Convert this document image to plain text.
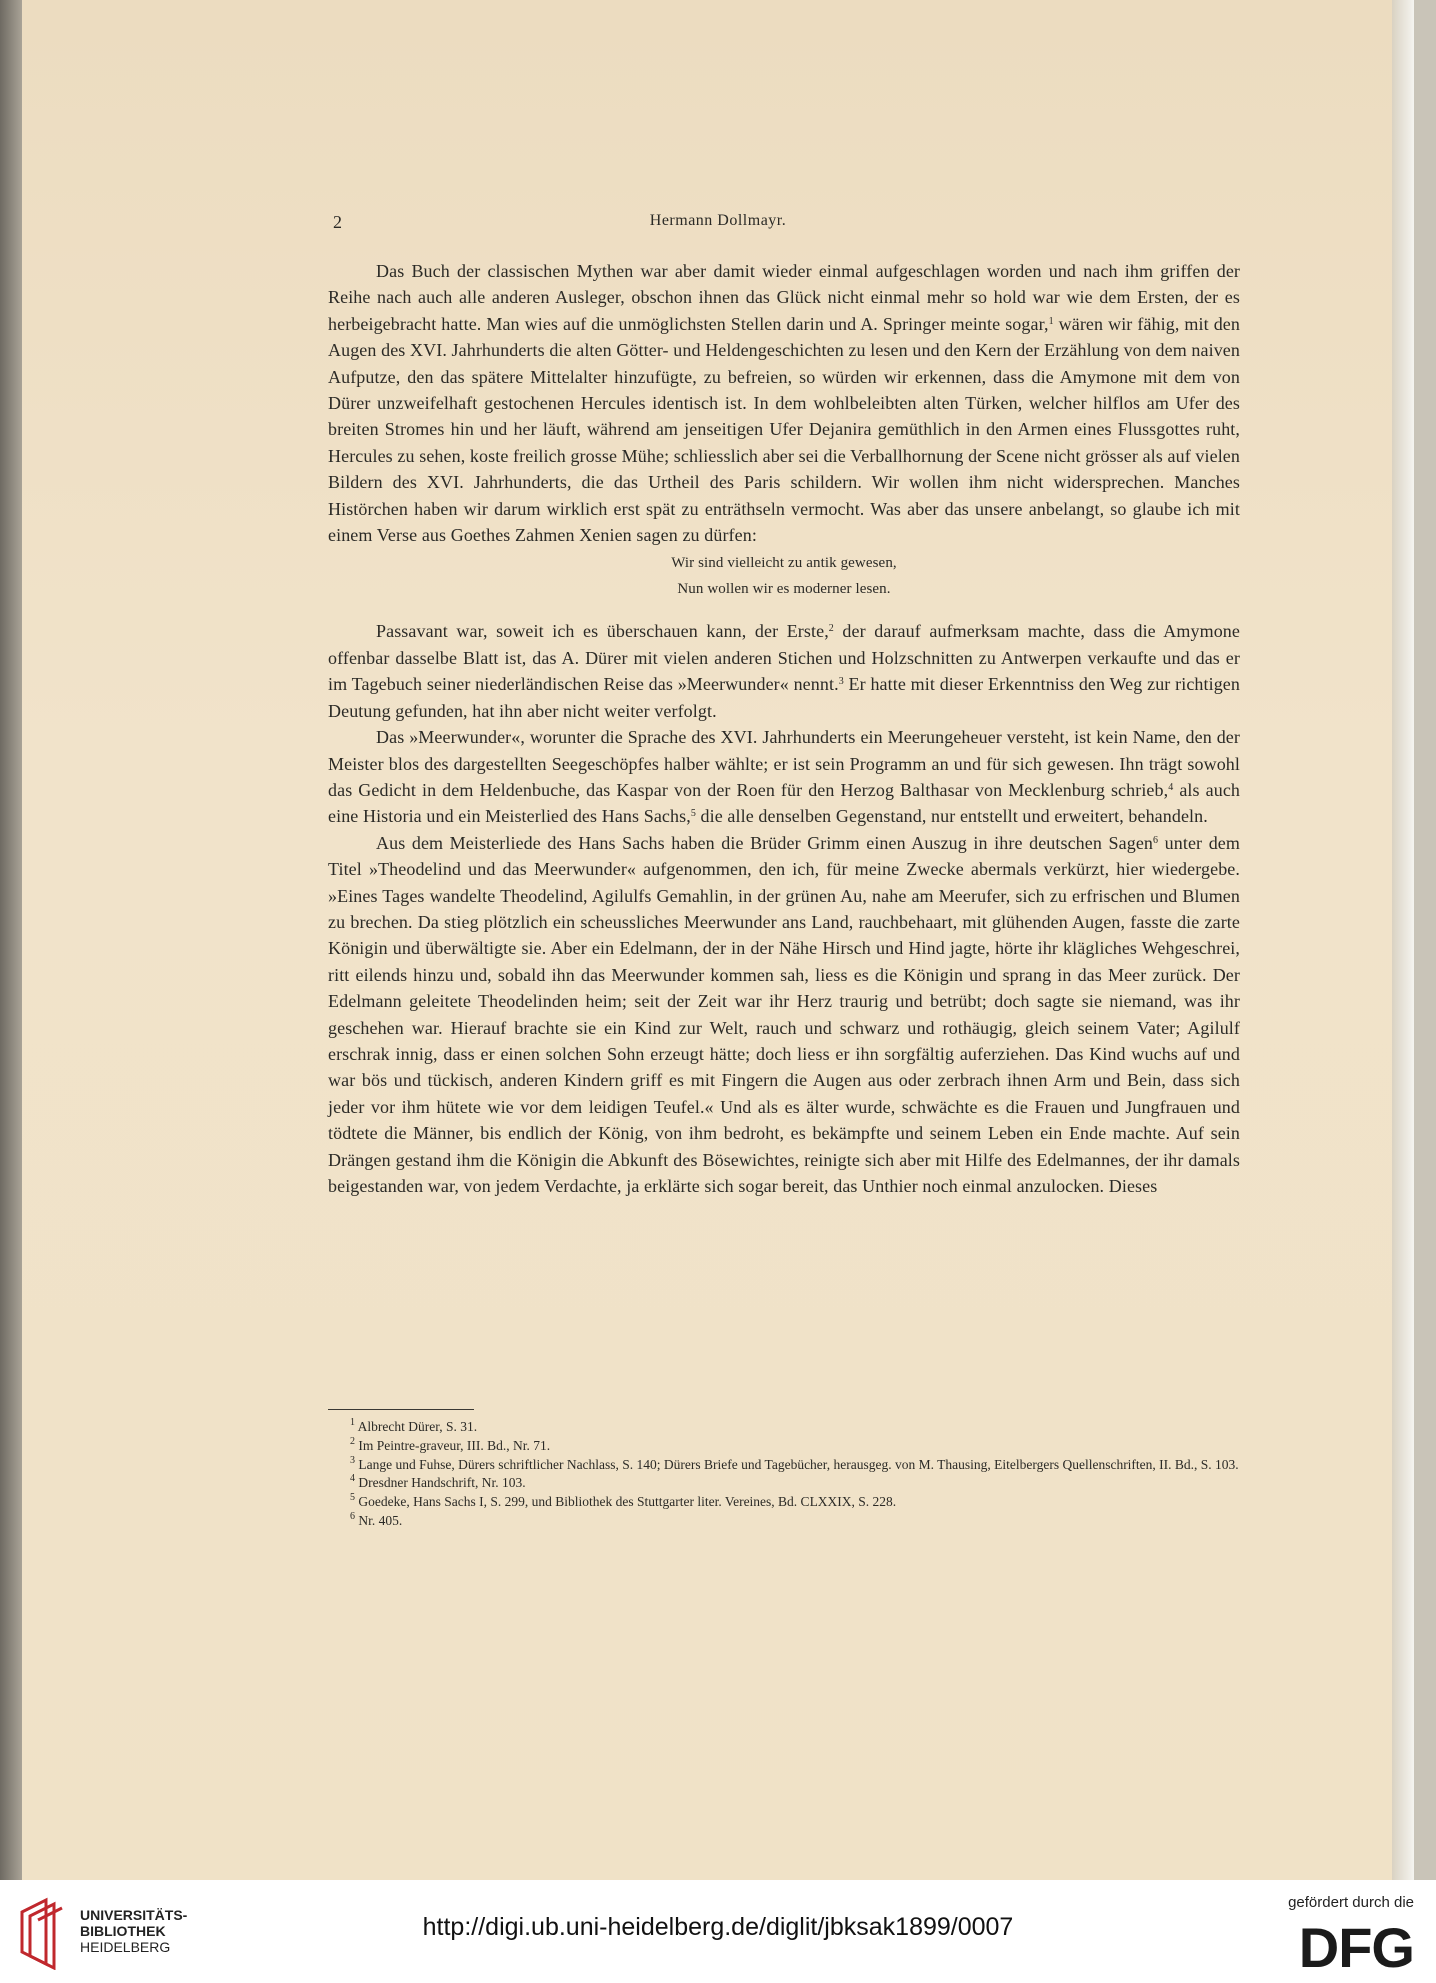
2	Hermann Dollmayr.

Das Buch der classischen Mythen war aber damit wieder einmal aufgeschlagen worden und nach ihm griffen der Reihe nach auch alle anderen Ausleger, obschon ihnen das Glück nicht einmal mehr so hold war wie dem Ersten, der es herbeigebracht hatte. Man wies auf die unmöglichsten Stellen darin und A. Springer meinte sogar,$^1$ wären wir fähig, mit den Augen des XVI. Jahrhunderts die alten Götter- und Heldengeschichten zu lesen und den Kern der Erzählung von dem naiven Aufputze, den das spätere Mittelalter hinzufügte, zu befreien, so würden wir erkennen, dass die Amymone mit dem von Dürer unzweifelhaft gestochenen Hercules identisch ist. In dem wohlbeleibten alten Türken, welcher hilflos am Ufer des breiten Stromes hin und her läuft, während am jenseitigen Ufer Dejanira gemüthlich in den Armen eines Flussgottes ruht, Hercules zu sehen, koste freilich grosse Mühe; schliesslich aber sei die Verballhornung der Scene nicht grösser als auf vielen Bildern des XVI. Jahrhunderts, die das Urtheil des Paris schildern. Wir wollen ihm nicht widersprechen. Manches Histörchen haben wir darum wirklich erst spät zu enträthseln vermocht. Was aber das unsere anbelangt, so glaube ich mit einem Verse aus Goethes Zahmen Xenien sagen zu dürfen:

Wir sind vielleicht zu antik gewesen,
Nun wollen wir es moderner lesen.

Passavant war, soweit ich es überschauen kann, der Erste,$^2$ der darauf aufmerksam machte, dass die Amymone offenbar dasselbe Blatt ist, das A. Dürer mit vielen anderen Stichen und Holzschnitten zu Antwerpen verkaufte und das er im Tagebuch seiner niederländischen Reise das »Meerwunder« nennt.$^3$ Er hatte mit dieser Erkenntniss den Weg zur richtigen Deutung gefunden, hat ihn aber nicht weiter verfolgt.

Das »Meerwunder«, worunter die Sprache des XVI. Jahrhunderts ein Meerungeheuer versteht, ist kein Name, den der Meister blos des dargestellten Seegeschöpfes halber wählte; er ist sein Programm an und für sich gewesen. Ihn trägt sowohl das Gedicht in dem Heldenbuche, das Kaspar von der Roen für den Herzog Balthasar von Mecklenburg schrieb,$^4$ als auch eine Historia und ein Meisterlied des Hans Sachs,$^5$ die alle denselben Gegenstand, nur entstellt und erweitert, behandeln.

Aus dem Meisterliede des Hans Sachs haben die Brüder Grimm einen Auszug in ihre deutschen Sagen$^6$ unter dem Titel »Theodelind und das Meerwunder« aufgenommen, den ich, für meine Zwecke abermals verkürzt, hier wiedergebe. »Eines Tages wandelte Theodelind, Agilulfs Gemahlin, in der grünen Au, nahe am Meerufer, sich zu erfrischen und Blumen zu brechen. Da stieg plötzlich ein scheussliches Meerwunder ans Land, rauchbehaart, mit glühenden Augen, fasste die zarte Königin und überwältigte sie. Aber ein Edelmann, der in der Nähe Hirsch und Hind jagte, hörte ihr klägliches Wehgeschrei, ritt eilends hinzu und, sobald ihn das Meerwunder kommen sah, liess es die Königin und sprang in das Meer zurück. Der Edelmann geleitete Theodelinden heim; seit der Zeit war ihr Herz traurig und betrübt; doch sagte sie niemand, was ihr geschehen war. Hierauf brachte sie ein Kind zur Welt, rauch und schwarz und rothäugig, gleich seinem Vater; Agilulf erschrak innig, dass er einen solchen Sohn erzeugt hätte; doch liess er ihn sorgfältig auferziehen. Das Kind wuchs auf und war bös und tückisch, anderen Kindern griff es mit Fingern die Augen aus oder zerbrach ihnen Arm und Bein, dass sich jeder vor ihm hütete wie vor dem leidigen Teufel.« Und als es älter wurde, schwächte es die Frauen und Jungfrauen und tödtete die Männer, bis endlich der König, von ihm bedroht, es bekämpfte und seinem Leben ein Ende machte. Auf sein Drängen gestand ihm die Königin die Abkunft des Bösewichtes, reinigte sich aber mit Hilfe des Edelmannes, der ihr damals beigestanden war, von jedem Verdachte, ja erklärte sich sogar bereit, das Unthier noch einmal anzulocken. Dieses

$^1$ Albrecht Dürer, S. 31.
$^2$ Im Peintre-graveur, III. Bd., Nr. 71.
$^3$ Lange und Fuhse, Dürers schriftlicher Nachlass, S. 140; Dürers Briefe und Tagebücher, herausgeg. von M. Thausing, Eitelbergers Quellenschriften, II. Bd., S. 103.
$^4$ Dresdner Handschrift, Nr. 103.
$^5$ Goedeke, Hans Sachs I, S. 299, und Bibliothek des Stuttgarter liter. Vereines, Bd. CLXXIX, S. 228.
$^6$ Nr. 405.
UNIVERSITÄTS-
BIBLIOTHEK
HEIDELBERG
http://digi.ub.uni-heidelberg.de/diglit/jbksak1899/0007
gefördert durch die
DFG
